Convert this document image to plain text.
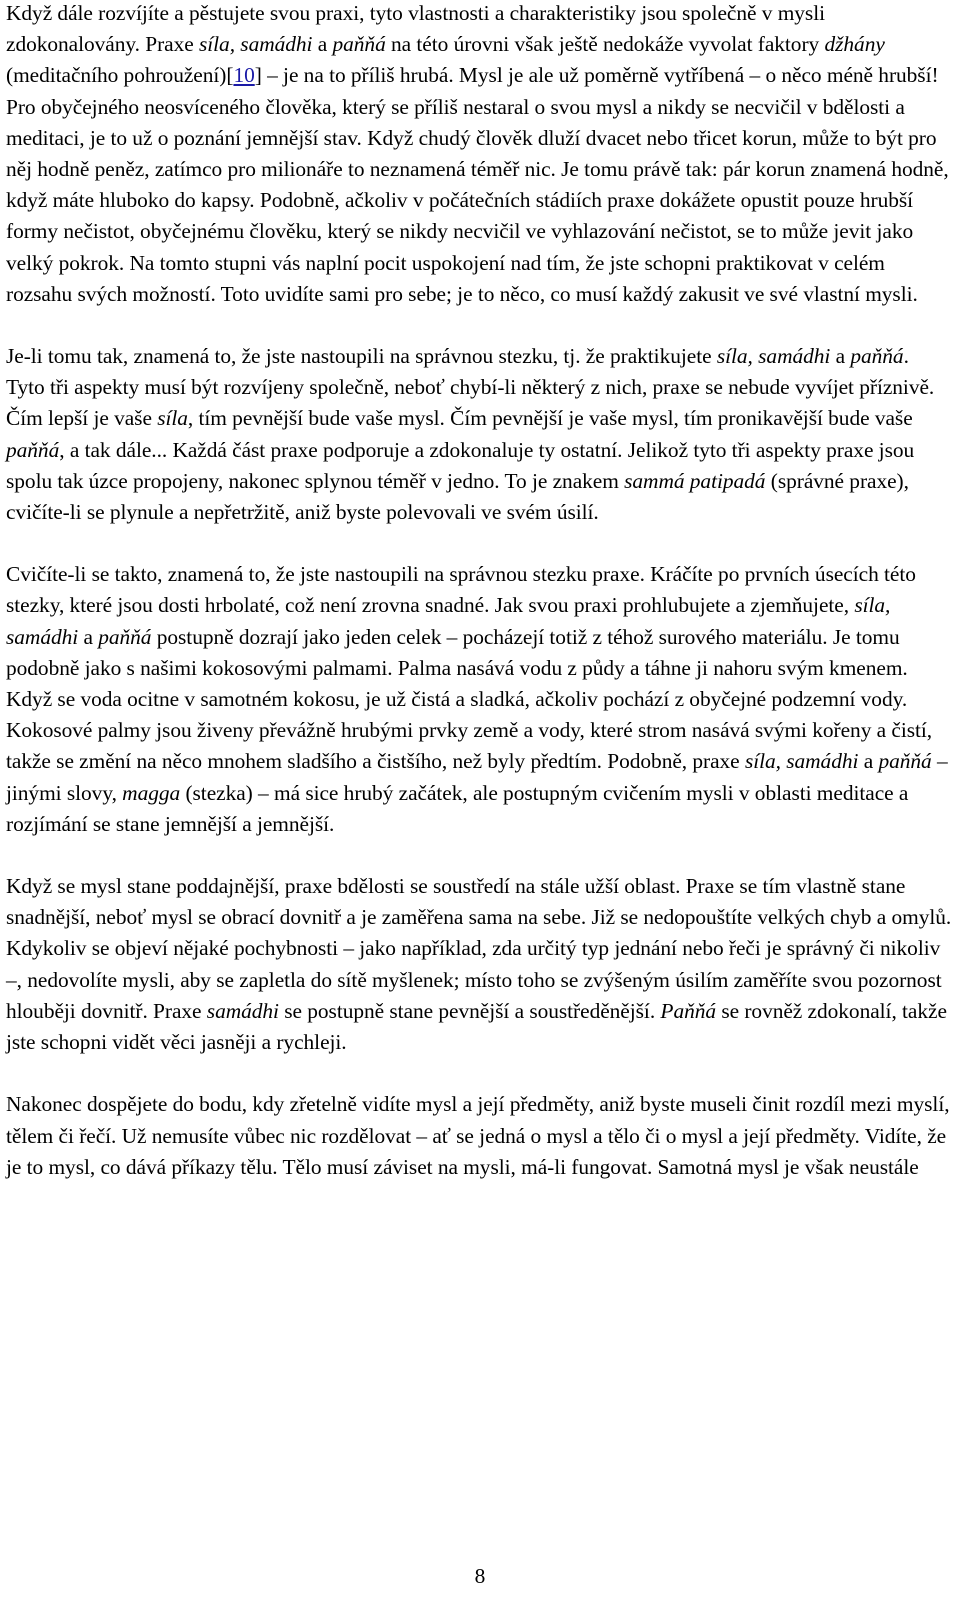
Když dále rozvíjíte a pěstujete svou praxi, tyto vlastnosti a charakteristiky jsou společně v mysli zdokonalovány. Praxe síla, samádhi a paňňá na této úrovni však ještě nedokáže vyvolat faktory džhány (meditačního pohroužení)[10] – je na to příliš hrubá. Mysl je ale už poměrně vytříbená – o něco méně hrubší! Pro obyčejného neosvíceného člověka, který se příliš nestaral o svou mysl a nikdy se necvičil v bdělosti a meditaci, je to už o poznání jemnější stav. Když chudý člověk dluží dvacet nebo třicet korun, může to být pro něj hodně peněz, zatímco pro milionáře to neznamená téměř nic. Je tomu právě tak: pár korun znamená hodně, když máte hluboko do kapsy. Podobně, ačkoliv v počátečních stádiích praxe dokážete opustit pouze hrubší formy nečistot, obyčejnému člověku, který se nikdy necvičil ve vyhlazování nečistot, se to může jevit jako velký pokrok. Na tomto stupni vás naplní pocit uspokojení nad tím, že jste schopni praktikovat v celém rozsahu svých možností. Toto uvidíte sami pro sebe; je to něco, co musí každý zakusit ve své vlastní mysli.

Je-li tomu tak, znamená to, že jste nastoupili na správnou stezku, tj. že praktikujete síla, samádhi a paňňá. Tyto tři aspekty musí být rozvíjeny společně, neboť chybí-li některý z nich, praxe se nebude vyvíjet příznivě. Čím lepší je vaše síla, tím pevnější bude vaše mysl. Čím pevnější je vaše mysl, tím pronikavější bude vaše paňňá, a tak dále... Každá část praxe podporuje a zdokonaluje ty ostatní. Jelikož tyto tři aspekty praxe jsou spolu tak úzce propojeny, nakonec splynou téměř v jedno. To je znakem sammá patipadá (správné praxe), cvičíte-li se plynule a nepřetržitě, aniž byste polevovali ve svém úsilí.

Cvičíte-li se takto, znamená to, že jste nastoupili na správnou stezku praxe. Kráčíte po prvních úsecích této stezky, které jsou dosti hrbolaté, což není zrovna snadné. Jak svou praxi prohlubujete a zjemňujete, síla, samádhi a paňňá postupně dozrají jako jeden celek – pocházejí totiž z téhož surového materiálu. Je tomu podobně jako s našimi kokosovými palmami. Palma nasává vodu z půdy a táhne ji nahoru svým kmenem. Když se voda ocitne v samotném kokosu, je už čistá a sladká, ačkoliv pochází z obyčejné podzemní vody. Kokosové palmy jsou živeny převážně hrubými prvky země a vody, které strom nasává svými kořeny a čistí, takže se změní na něco mnohem sladšího a čistšího, než byly předtím. Podobně, praxe síla, samádhi a paňňá – jinými slovy, magga (stezka) – má sice hrubý začátek, ale postupným cvičením mysli v oblasti meditace a rozjímání se stane jemnější a jemnější.

Když se mysl stane poddajnější, praxe bdělosti se soustředí na stále užší oblast. Praxe se tím vlastně stane snadnější, neboť mysl se obrací dovnitř a je zaměřena sama na sebe. Již se nedopouštíte velkých chyb a omylů. Kdykoliv se objeví nějaké pochybnosti – jako například, zda určitý typ jednání nebo řeči je správný či nikoliv –, nedovolíte mysli, aby se zapletla do sítě myšlenek; místo toho se zvýšeným úsilím zaměříte svou pozornost hlouběji dovnitř. Praxe samádhi se postupně stane pevnější a soustředěnější. Paňňá se rovněž zdokonalí, takže jste schopni vidět věci jasněji a rychleji.

Nakonec dospějete do bodu, kdy zřetelně vidíte mysl a její předměty, aniž byste museli činit rozdíl mezi myslí, tělem či řečí. Už nemusíte vůbec nic rozdělovat – ať se jedná o mysl a tělo či o mysl a její předměty. Vidíte, že je to mysl, co dává příkazy tělu. Tělo musí záviset na mysli, má-li fungovat. Samotná mysl je však neustále

8
